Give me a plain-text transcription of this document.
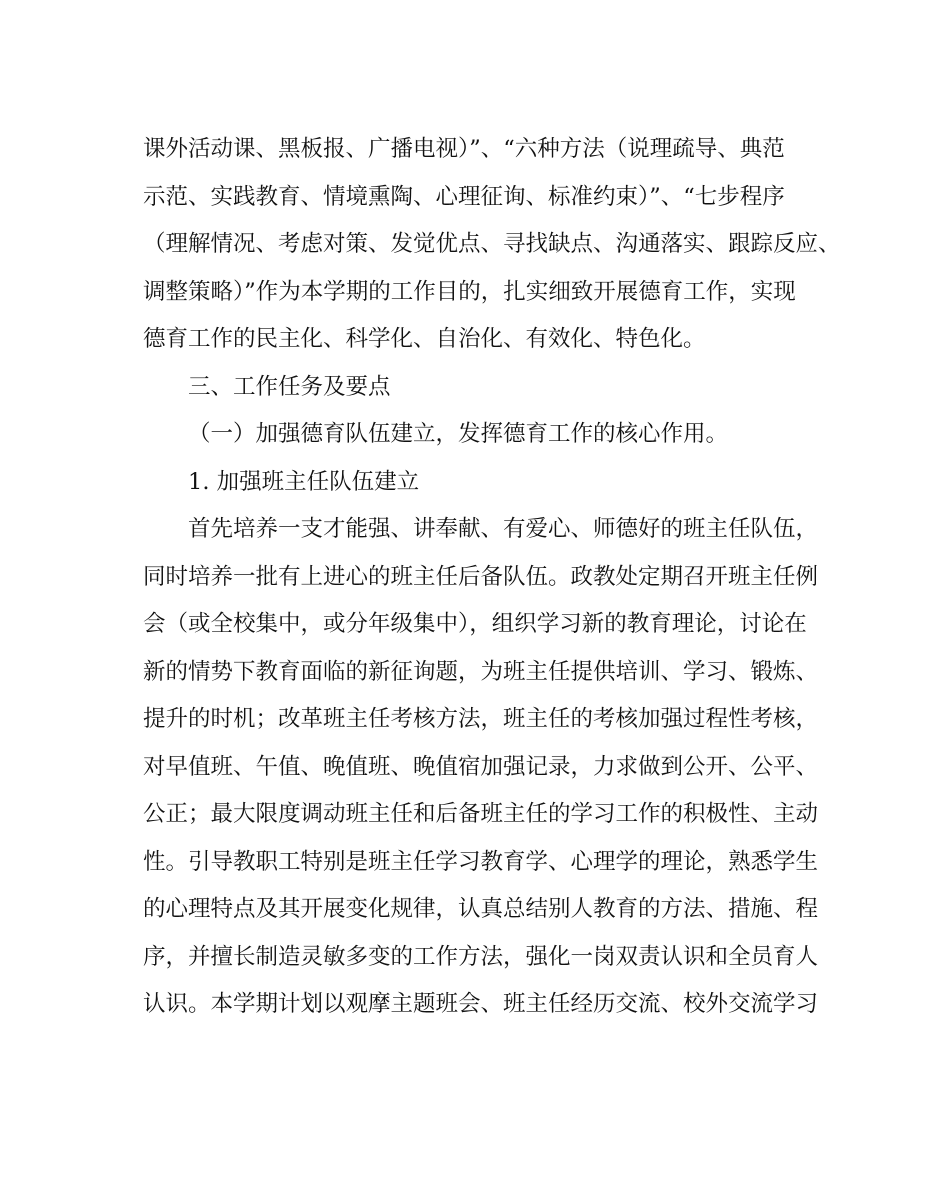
课外活动课、黑板报、广播电视）”、“六种方法（说理疏导、典范
示范、实践教育、情境熏陶、心理征询、标准约束）”、“七步程序
（理解情况、考虑对策、发觉优点、寻找缺点、沟通落实、跟踪反应、
调整策略）”作为本学期的工作目的，扎实细致开展德育工作，实现
德育工作的民主化、科学化、自治化、有效化、特色化。
三、工作任务及要点
（一）加强德育队伍建立，发挥德育工作的核心作用。
1. 加强班主任队伍建立
首先培养一支才能强、讲奉献、有爱心、师德好的班主任队伍，
同时培养一批有上进心的班主任后备队伍。政教处定期召开班主任例
会（或全校集中，或分年级集中），组织学习新的教育理论，讨论在
新的情势下教育面临的新征询题，为班主任提供培训、学习、锻炼、
提升的时机；改革班主任考核方法，班主任的考核加强过程性考核，
对早值班、午值、晚值班、晚值宿加强记录，力求做到公开、公平、
公正；最大限度调动班主任和后备班主任的学习工作的积极性、主动
性。引导教职工特别是班主任学习教育学、心理学的理论，熟悉学生
的心理特点及其开展变化规律，认真总结别人教育的方法、措施、程
序，并擅长制造灵敏多变的工作方法，强化一岗双责认识和全员育人
认识。本学期计划以观摩主题班会、班主任经历交流、校外交流学习
